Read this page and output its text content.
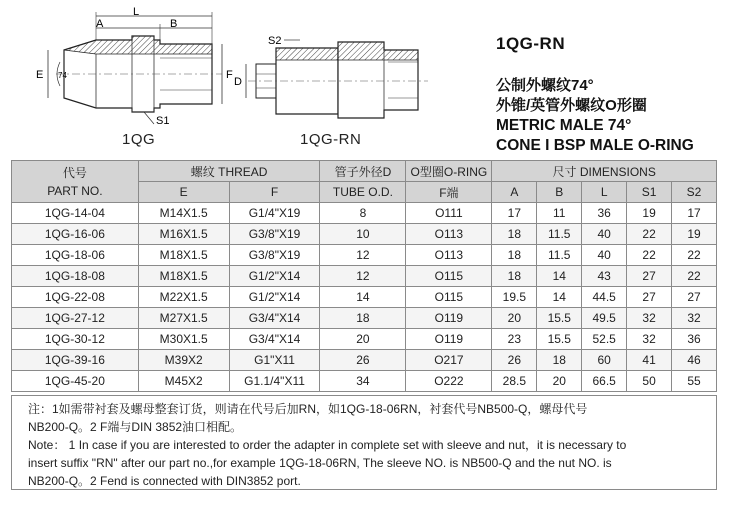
L
A	B
E 74	F
S1
1QG
S2
D
1QG-RN
1QG-RN
公制外螺纹74°
外锥/英管外螺纹O形圈
METRIC MALE 74°
CONE I BSP MALE O-RING
代号
PART NO.	螺纹 THREAD		管子外径D	O型圈O-RING	尺寸 DIMENSIONS				
	E	F	TUBE O.D.	F端	A	B	L	S1	S2
1QG-14-04	M14X1.5	G1/4"X19	8	O111	17	11	36	19	17
1QG-16-06	M16X1.5	G3/8"X19	10	O113	18	11.5	40	22	19
1QG-18-06	M18X1.5	G3/8"X19	12	O113	18	11.5	40	22	22
1QG-18-08	M18X1.5	G1/2"X14	12	O115	18	14	43	27	22
1QG-22-08	M22X1.5	G1/2"X14	14	O115	19.5	14	44.5	27	27
1QG-27-12	M27X1.5	G3/4"X14	18	O119	20	15.5	49.5	32	32
1QG-30-12	M30X1.5	G3/4"X14	20	O119	23	15.5	52.5	32	36
1QG-39-16	M39X2	G1"X11	26	O217	26	18	60	41	46
1QG-45-20	M45X2	G1.1/4"X11	34	O222	28.5	20	66.5	50	55
注：1如需带衬套及螺母整套订货，则请在代号后加RN，如1QG-18-06RN，衬套代号NB500-Q，螺母代号
NB200-Q。2 F端与DIN 3852油口相配。
Note： 1 In case if you are interested to order the adapter in complete set with sleeve and nut，it is necessary to
insert suffix "RN" after our part no.,for example 1QG-18-06RN, The sleeve NO. is NB500-Q and the nut NO. is
NB200-Q。2 Fend is connected with DIN3852 port.
